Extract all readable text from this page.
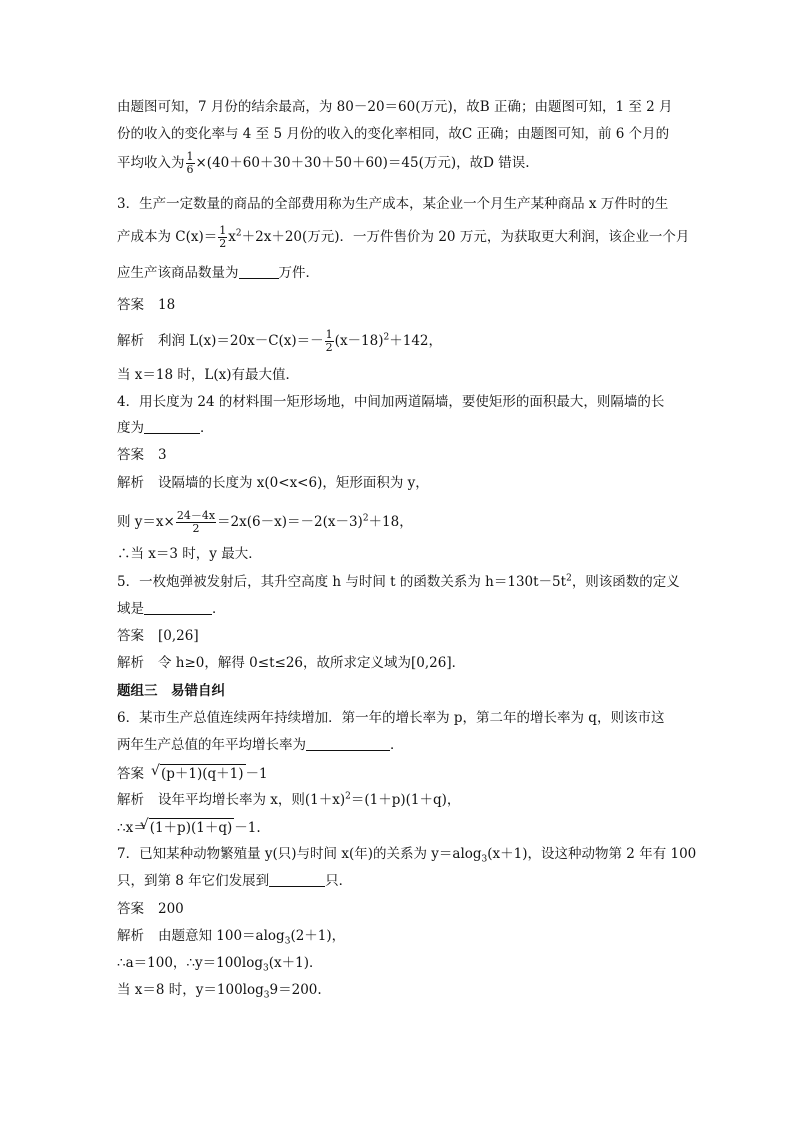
由题图可知，7 月份的结余最高，为 80－20＝60(万元)，故B 正确；由题图可知，1 至 2 月
份的收入的变化率与 4 至 5 月份的收入的变化率相同，故C 正确；由题图可知，前 6 个月的
平均收入为 $\frac{1}{6} \times(40+60+30+30+50+60)=45$(万元)，故D 错误.
3．生产一定数量的商品的全部费用称为生产成本，某企业一个月生产某种商品 x 万件时的生
产成本为 $C(x)= \frac{1}{2} x^2+2x+20$(万元)．一万件售价为 20 万元，为获取更大利润，该企业一个月
应生产该商品数量为	万件．
答案 18
解析 利润 $L(x)=20x-C(x)=- \frac{1}{2} (x-18)^2+142$，
当 x＝18 时，L(x)有最大值．
4．用长度为 24 的材料围一矩形场地，中间加两道隔墙，要使矩形的面积最大，则隔墙的长
度为	．
答案 3
解析 设隔墙的长度为 x(0<x<6)，矩形面积为 y，
则 $y=x\times \frac{24-4x}{2} =2x(6-x)=-2(x-3)^2+18$，
∴当 x＝3 时，y 最大．
5．一枚炮弹被发射后，其升空高度 h 与时间 t 的函数关系为 $h=130t-5t^2$，则该函数的定义
域是	．
答案 [0,26]
解析 令 h≥0，解得 0≤t≤26，故所求定义域为[0,26]．
题组三　易错自纠
6．某市生产总值连续两年持续增加．第一年的增长率为 p，第二年的增长率为 q，则该市这
两年生产总值的年平均增长率为	．
答案 √ (p＋1)(q＋1) －1
解析 设年平均增长率为 x，则$(1+x)^2=(1+p)(1+q)$，
∴x＝ √ (1＋p)(1＋q) －1.
7．已知某种动物繁殖量 y(只)与时间 x(年)的关系为 y＝alog$_3$(x＋1)，设这种动物第 2 年有 100
只，到第 8 年它们发展到	只．
答案 200
解析 由题意知 100＝alog$_3$(2＋1)，
∴a＝100，$\therefore y=100\log_3(x+1)$．
当 x＝8 时，$y=100\log_39=200$.
